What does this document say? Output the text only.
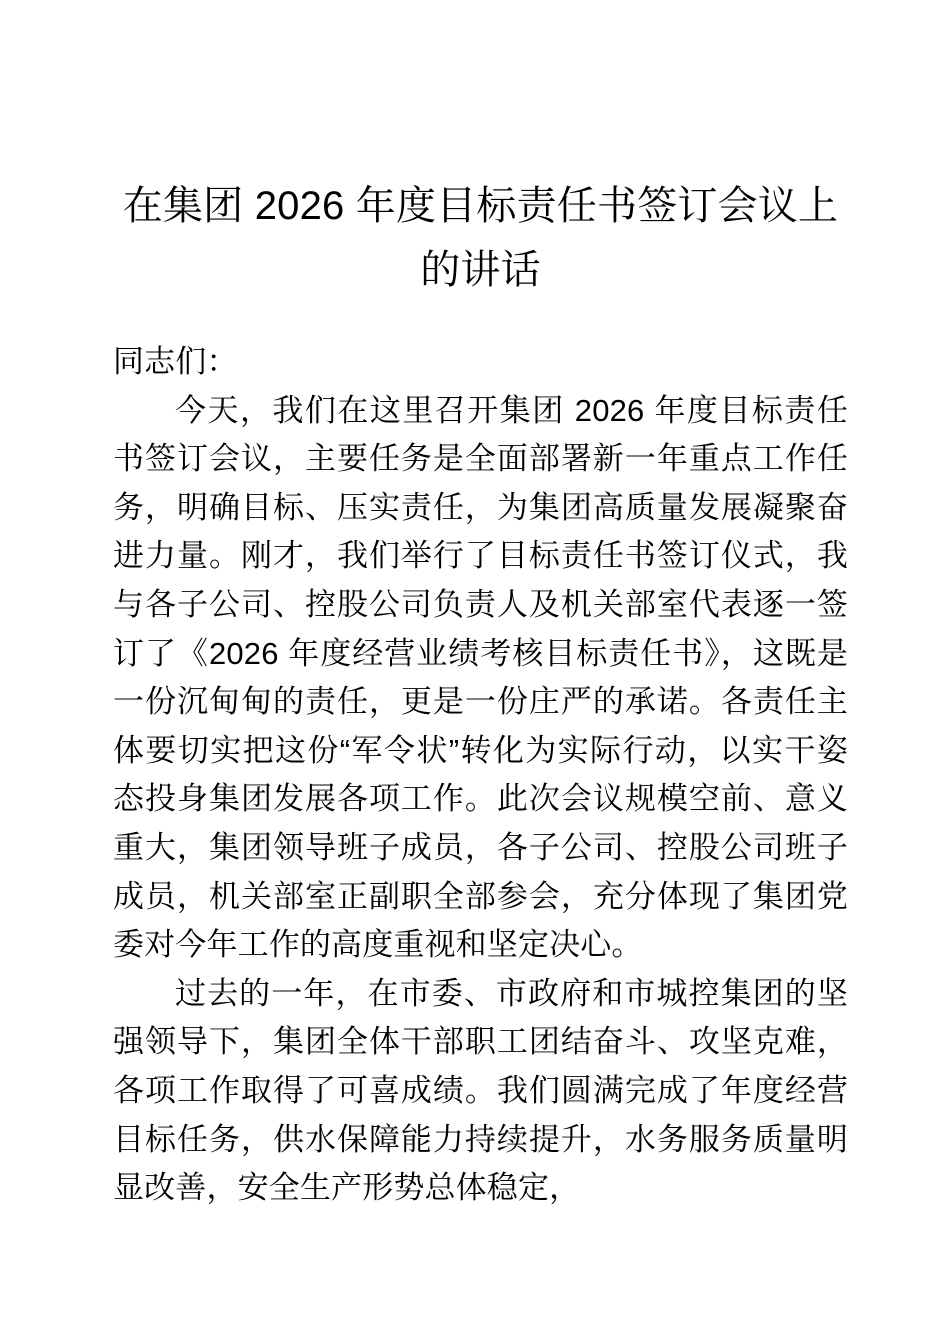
在集团 2026 年度目标责任书签订会议上的讲话

同志们：

今天，我们在这里召开集团 2026 年度目标责任书签订会议，主要任务是全面部署新一年重点工作任务，明确目标、压实责任，为集团高质量发展凝聚奋进力量。刚才，我们举行了目标责任书签订仪式，我与各子公司、控股公司负责人及机关部室代表逐一签订了《2026 年度经营业绩考核目标责任书》，这既是一份沉甸甸的责任，更是一份庄严的承诺。各责任主体要切实把这份“军令状”转化为实际行动，以实干姿态投身集团发展各项工作。此次会议规模空前、意义重大，集团领导班子成员，各子公司、控股公司班子成员，机关部室正副职全部参会，充分体现了集团党委对今年工作的高度重视和坚定决心。

过去的一年，在市委、市政府和市城控集团的坚强领导下，集团全体干部职工团结奋斗、攻坚克难，各项工作取得了可喜成绩。我们圆满完成了年度经营目标任务，供水保障能力持续提升，水务服务质量明显改善，安全生产形势总体稳定，
